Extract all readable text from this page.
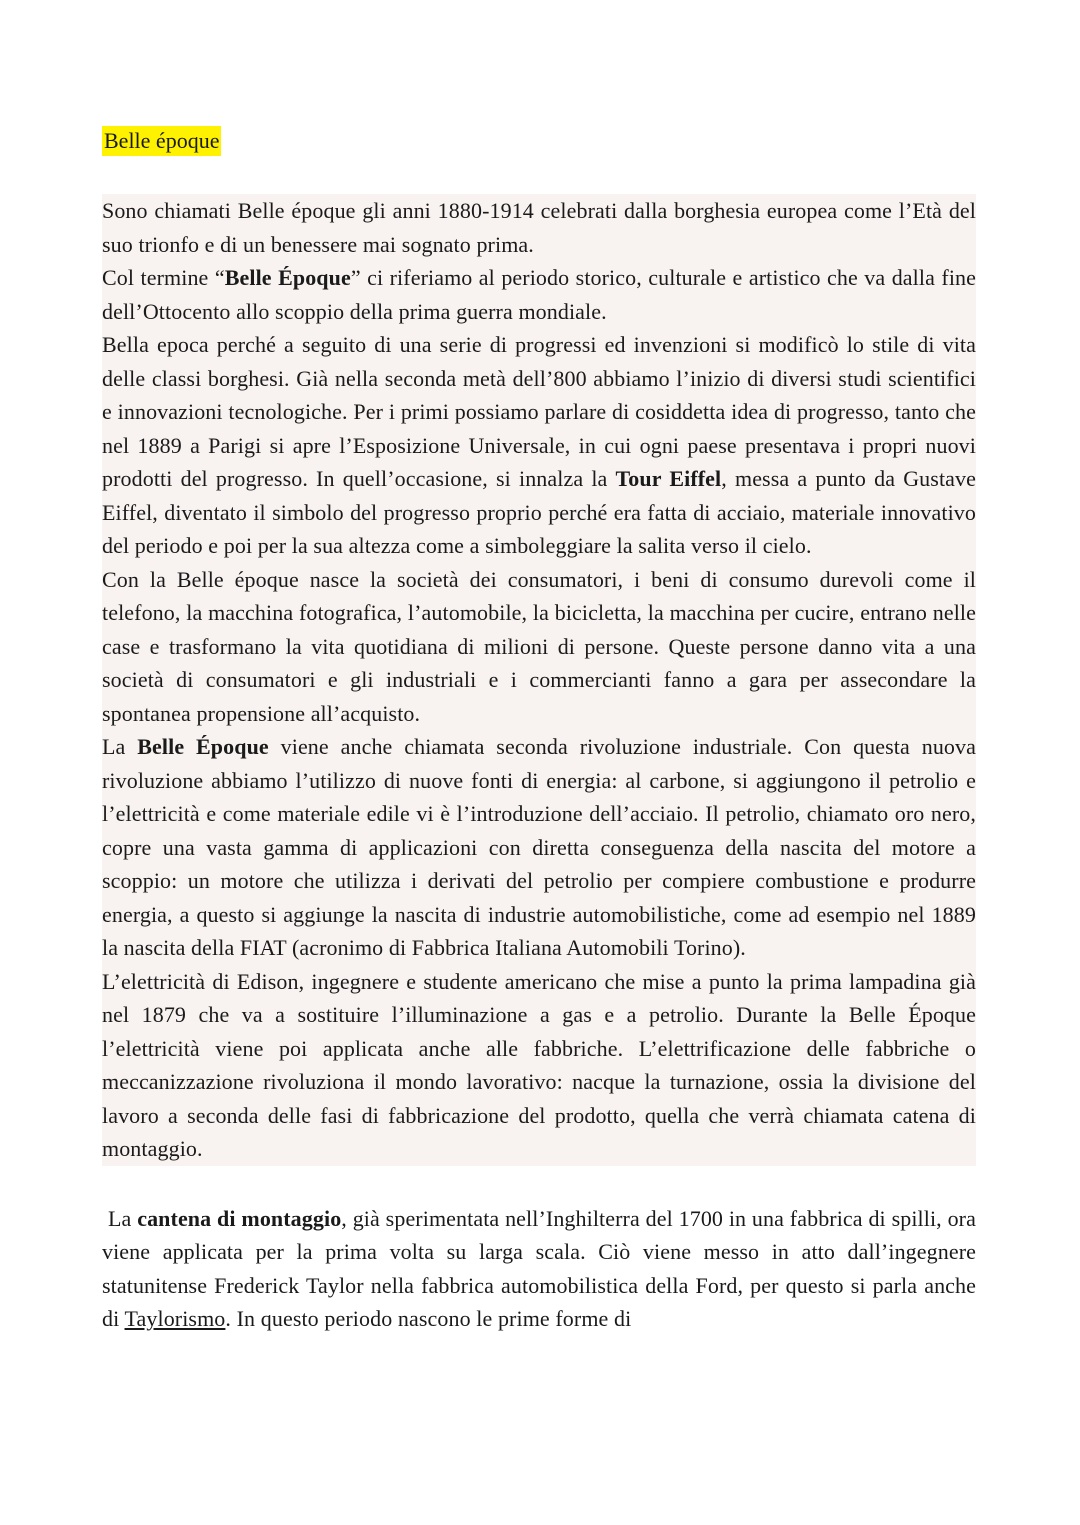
Belle époque

Sono chiamati Belle époque gli anni 1880-1914 celebrati dalla borghesia europea come l’Età del suo trionfo e di un benessere mai sognato prima.

Col termine “Belle Époque” ci riferiamo al periodo storico, culturale e artistico che va dalla fine dell’Ottocento allo scoppio della prima guerra mondiale.

Bella epoca perché a seguito di una serie di progressi ed invenzioni si modificò lo stile di vita delle classi borghesi. Già nella seconda metà dell’800 abbiamo l’inizio di diversi studi scientifici e innovazioni tecnologiche. Per i primi possiamo parlare di cosiddetta idea di progresso, tanto che nel 1889 a Parigi si apre l’Esposizione Universale, in cui ogni paese presentava i propri nuovi prodotti del progresso. In quell’occasione, si innalza la Tour Eiffel, messa a punto da Gustave Eiffel, diventato il simbolo del progresso proprio perché era fatta di acciaio, materiale innovativo del periodo e poi per la sua altezza come a simboleggiare la salita verso il cielo.

Con la Belle époque nasce la società dei consumatori, i beni di consumo durevoli come il telefono, la macchina fotografica, l’automobile, la bicicletta, la macchina per cucire, entrano nelle case e trasformano la vita quotidiana di milioni di persone. Queste persone danno vita a una società di consumatori e gli industriali e i commercianti fanno a gara per assecondare la spontanea propensione all’acquisto.

La Belle Époque viene anche chiamata seconda rivoluzione industriale. Con questa nuova rivoluzione abbiamo l’utilizzo di nuove fonti di energia: al carbone, si aggiungono il petrolio e l’elettricità e come materiale edile vi è l’introduzione dell’acciaio. Il petrolio, chiamato oro nero, copre una vasta gamma di applicazioni con diretta conseguenza della nascita del motore a scoppio: un motore che utilizza i derivati del petrolio per compiere combustione e produrre energia, a questo si aggiunge la nascita di industrie automobilistiche, come ad esempio nel 1889 la nascita della FIAT (acronimo di Fabbrica Italiana Automobili Torino).

L’elettricità di Edison, ingegnere e studente americano che mise a punto la prima lampadina già nel 1879 che va a sostituire l’illuminazione a gas e a petrolio. Durante la Belle Époque l’elettricità viene poi applicata anche alle fabbriche. L’elettrificazione delle fabbriche o meccanizzazione rivoluziona il mondo lavorativo: nacque la turnazione, ossia la divisione del lavoro a seconda delle fasi di fabbricazione del prodotto, quella che verrà chiamata catena di montaggio.

La cantena di montaggio, già sperimentata nell’Inghilterra del 1700 in una fabbrica di spilli, ora viene applicata per la prima volta su larga scala. Ciò viene messo in atto dall’ingegnere statunitense Frederick Taylor nella fabbrica automobilistica della Ford, per questo si parla anche di Taylorismo. In questo periodo nascono le prime forme di
